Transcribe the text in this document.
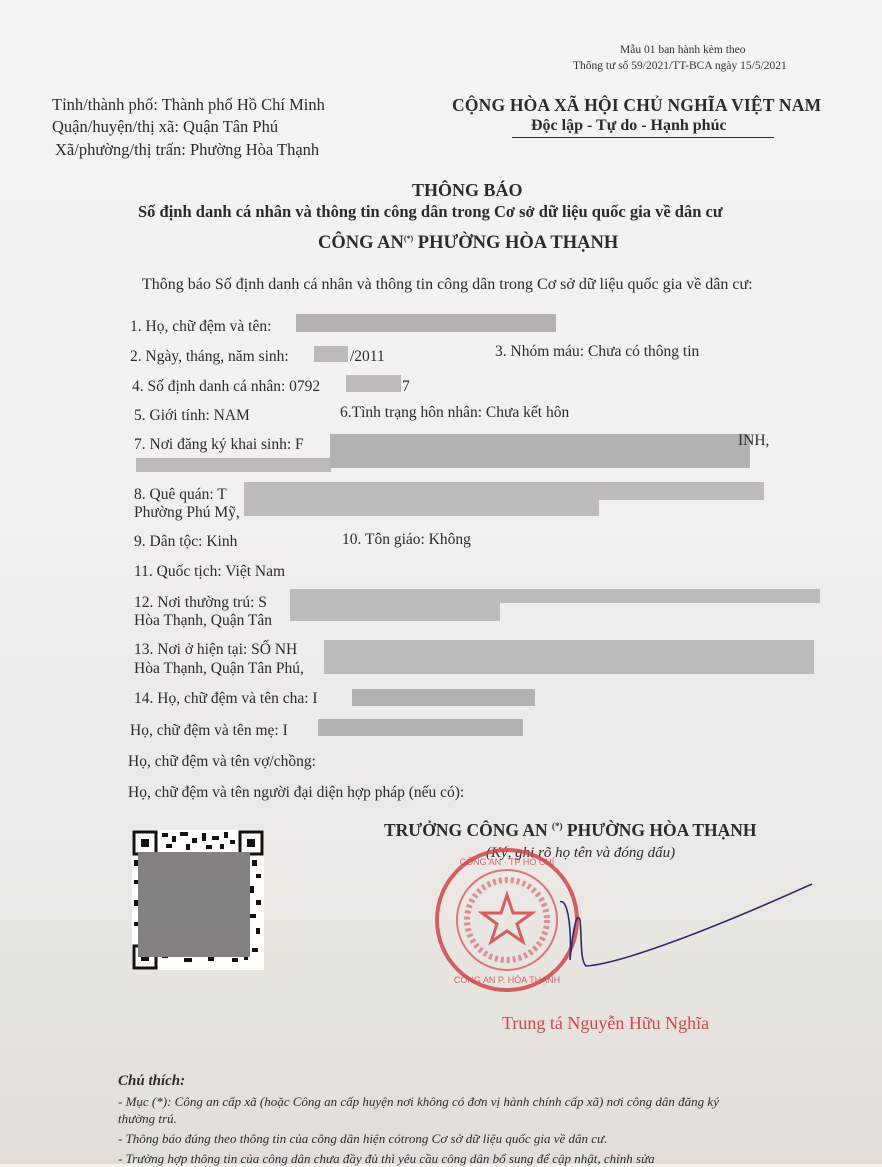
Mẫu 01 ban hành kèm theo
Thông tư số 59/2021/TT-BCA ngày 15/5/2021
Tỉnh/thành phố: Thành phố Hồ Chí Minh
Quận/huyện/thị xã: Quận Tân Phú
Xã/phường/thị trấn: Phường Hòa Thạnh
CỘNG HÒA XÃ HỘI CHỦ NGHĨA VIỆT NAM
Độc lập - Tự do - Hạnh phúc
THÔNG BÁO
Số định danh cá nhân và thông tin công dân trong Cơ sở dữ liệu quốc gia về dân cư
CÔNG AN(*) PHƯỜNG HÒA THẠNH
Thông báo Số định danh cá nhân và thông tin công dân trong Cơ sở dữ liệu quốc gia về dân cư:
1. Họ, chữ đệm và tên:
2. Ngày, tháng, năm sinh:	/2011	3. Nhóm máu: Chưa có thông tin
4. Số định danh cá nhân: 0792	7
5. Giới tính: NAM	6.Tình trạng hôn nhân: Chưa kết hôn
7. Nơi đăng ký khai sinh: F	INH,
8. Quê quán: T
Phường Phú Mỹ,
9. Dân tộc: Kinh	10. Tôn giáo: Không
11. Quốc tịch: Việt Nam
12. Nơi thường trú: S
Hòa Thạnh, Quận Tân
13. Nơi ở hiện tại: SỐ NH
Hòa Thạnh, Quận Tân Phú,
14. Họ, chữ đệm và tên cha: I
Họ, chữ đệm và tên mẹ: I
Họ, chữ đệm và tên vợ/chồng:
Họ, chữ đệm và tên người đại diện hợp pháp (nếu có):
TRƯỞNG CÔNG AN (*) PHƯỜNG HÒA THẠNH
(Ký, ghi rõ họ tên và đóng dấu)
CÔNG AN · TP HỒ CHÍ
CÔNG AN P. HÒA THẠNH
Trung tá Nguyễn Hữu Nghĩa
Chú thích:
- Mục (*): Công an cấp xã (hoặc Công an cấp huyện nơi không có đơn vị hành chính cấp xã) nơi công dân đăng ký
thường trú.
- Thông báo đúng theo thông tin của công dân hiện cótrong Cơ sở dữ liệu quốc gia về dân cư.
- Trường hợp thông tin của công dân chưa đầy đủ thì yêu cầu công dân bổ sung để cập nhật, chỉnh sửa
